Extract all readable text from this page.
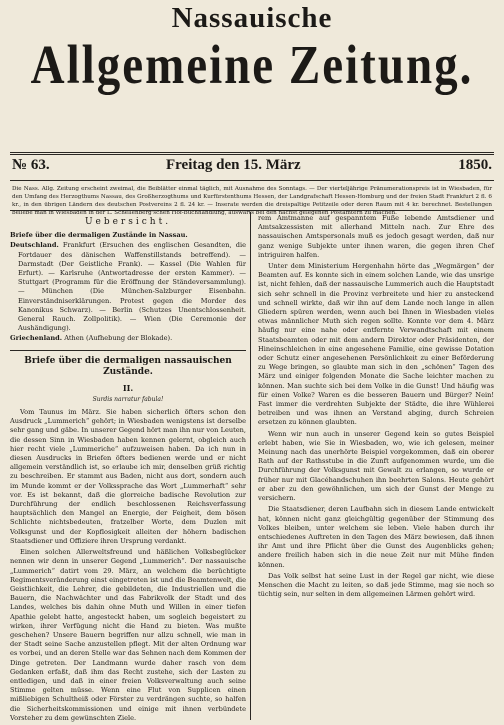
Nassauische
Allgemeine Zeitung.
№ 63.	Freitag den 15. März	1850.
Die Nass. Allg. Zeitung erscheint zweimal, die Beiblätter einmal täglich, mit Ausnahme des Sonntags. — Der vierteljährige Pränumerationspreis ist in Wiesbaden, für den Umfang des Herzogthums Nassau, des Großherzogthums und Kurfürstenthums Hessen, der Landgrafschaft Hessen-Homburg und der freien Stadt Frankfurt 2 fl. 6 kr., in den übrigen Ländern des deutschen Postvereins 2 fl. 24 kr. — Inserate werden die dreispaltige Petitzeile oder deren Raum mit 4 kr. berechnet. Bestellungen beliebe man in Wiesbaden in der L. Schellenberg'schen Hof-Buchhandlung, auswärts bei den nächst gelegenen Postämtern zu machen.
Uebersicht.

Briefe über die dermaligen Zustände in Nassau.

Deutschland. Frankfurt (Ersuchen des englischen Gesandten, die Fortdauer des dänischen Waffenstillstands betreffend). — Darmstadt (Der Geistliche Frank). — Kassel (Die Wahlen für Erfurt). — Karlsruhe (Antwortadresse der ersten Kammer). — Stuttgart (Programm für die Eröffnung der Ständeversammlung). — München (Die München-Salzburger Eisenbahn. Einverständniserklärungen. Protest gegen die Morder des Kanonikus Schwarz). — Berlin (Schutzes Unentschlossenheit. General Rauch. Zollpolitik). — Wien (Die Ceremonie der Aushändigung).

Griechenland. Athen (Aufhebung der Blokade).

Briefe über die dermaligen nassauischen Zustände.
II.
Surdis narratur fabula!

Vom Taunus im März. Sie haben sicherlich öfters schon den Ausdruck „Lummerich“ gehört; in Wiesbaden wenigstens ist derselbe sehr gang und gäbe. In unserer Gegend hört man ihn nur von Leuten, die dessen Sinn in Wiesbaden haben kennen gelernt, obgleich auch hier recht viele „Lummeriche“ aufzuweisen haben. Da ich nun in diesen Ausdrucks in Briefen öfters bedienen werde und er nicht allgemein verständlich ist, so erlaube ich mir, denselben grüß richtig zu beschreiben. Er stammt aus Baden, nicht aus dort, sondern auch im Munde kommt er der Volkssprache das Wort „Lummerhaft“ sehr vor. Es ist bekannt, daß die glorreiche badische Revolution zur Durchführung der endlich beschlossenen Reichsverfassung hauptsächlich den Mangel an Energie, der Feigheit, dem bösen Schlichte nichtsbedeuten, fratzelber Worte, dem Duzlen mit Volksgunst und der Kopflosigkeit alleiten der höhern badischen Staatsdiener und Offiziere ihren Ursprung verdankt.

Einen solchen Allerweltsfreund und häßlichen Volksbeglücker nennen wir denn in unserer Gegend „Lummerich“. Der nassauische „Lummerich“ datirt vom 29. März, an welchem die berüchtigte Regimentsveränderung einst eingetreten ist und die Beamtenwelt, die Geistlichkeit, die Lehrer, die gebildeten, die Industriellen und die Bauern, die Nachwächter und das Fabrikvolk der Stadt und des Landes, welches bis dahin ohne Muth und Willen in einer tiefen Apathie gelebt hatte, angesteckt haben, um sogleich begeistert zu wirken, ihrer Verfügung nicht die Hand zu bieten. Was mußte geschehen? Unsere Bauern begriffen nur allzu schnell, wie man in der Stadt seine Sache anzustellen pflegt. Mit der alten Ordnung war es vorbei, und an deren Stelle war das Sehnen nach dem Kommen der Dinge getreten. Der Landmann wurde daher rasch von dem Gedanken erfaßt, daß ihm das Recht zustehe, sich der Lasten zu entledigen, und daß in einer freien Volksverwaltung auch seine Stimme gelten müsse. Wenn eine Flut von Supplicen einen mißliebigen Schultheiß oder Förster zu verdrängen suchte, so halfen die Sicherheitskommissionen und einige mit ihnen verbündete Vorsteher zu dem gewünschten Ziele.

rem Amtmanne auf gespanntem Fuße lebende Amtsdiener und Amtsakzessisten mit allerhand Mitteln nach. Zur Ehre des nassauischen Amtspersonals muß es jedoch gesagt werden, daß nur ganz wenige Subjekte unter ihnen waren, die gegen ihren Chef intriguiren halfen.

Unter dem Ministerium Hergenhahn hörte das „Wegmärgen“ der Beamten auf. Es konnte sich in einem solchen Lande, wie das unsrige ist, nicht fehlen, daß der nassauische Lummerich auch die Hauptstadt sich sehr schnell in die Provinz verbreitete und hier zu ansteckend und schnell wirkte, daß wir ihn auf dem Lande noch lange in allen Gliedern spüren werden, wenn auch bei Ihnen in Wiesbaden vieles etwas männlicher Muth sich regen sollte. Konnte vor dem 4. März häufig nur eine nahe oder entfernte Verwandtschaft mit einem Staatsbeamten oder mit dem andern Direktor oder Präsidenten, der Hineinschleichen in eine angesehene Familie, eine gewisse Dotation oder Schutz einer angesehenen Persönlichkeit zu einer Beförderung zu Wege bringen, so glaubte man sich in den „schönen“ Tagen des März und einiger folgenden Monate die Sache leichter machen zu können. Man suchte sich bei dem Volke in die Gunst! Und häufig was für einen Volke? Waren es die besseren Bauern und Bürger? Nein! Fast immer die verdrehten Subjekte der Städte, die ihre Wühlerei betreiben und was ihnen an Verstand abging, durch Schreien ersetzen zu können glaubten.

Wenn wir nun auch in unserer Gegend kein so gutes Beispiel erlebt haben, wie Sie in Wiesbaden, wo, wie ich gelesen, meiner Meinung nach das unerhörte Beispiel vorgekommen, daß ein oberer Rath auf der Rathsstube in die Zunft aufgenommen wurde, um die Durchführung der Volksgunst mit Gewalt zu erlangen, so wurde er früher nur mit Glacéhandschuhen ihn beehrten Salons. Heute gehört er aber zu den gewöhnlichen, um sich der Gunst der Menge zu versichern.

Die Staatsdiener, deren Laufbahn sich in diesem Lande entwickelt hat, können nicht ganz gleichgültig gegenüber der Stimmung des Volkes bleiben, unter welchem sie leben. Viele haben durch ihr entschiedenes Auftreten in den Tagen des März bewiesen, daß ihnen ihr Amt und ihre Pflicht über die Gunst des Augenblicks gehen; andere freilich haben sich in die neue Zeit nur mit Mühe finden können.

Das Volk selbst hat seine Lust in der Regel gar nicht, wie diese Menschen die Macht zu leiten, so daß jede Stimme, mag sie noch so tüchtig sein, nur selten in dem allgemeinen Lärmen gehört wird.
